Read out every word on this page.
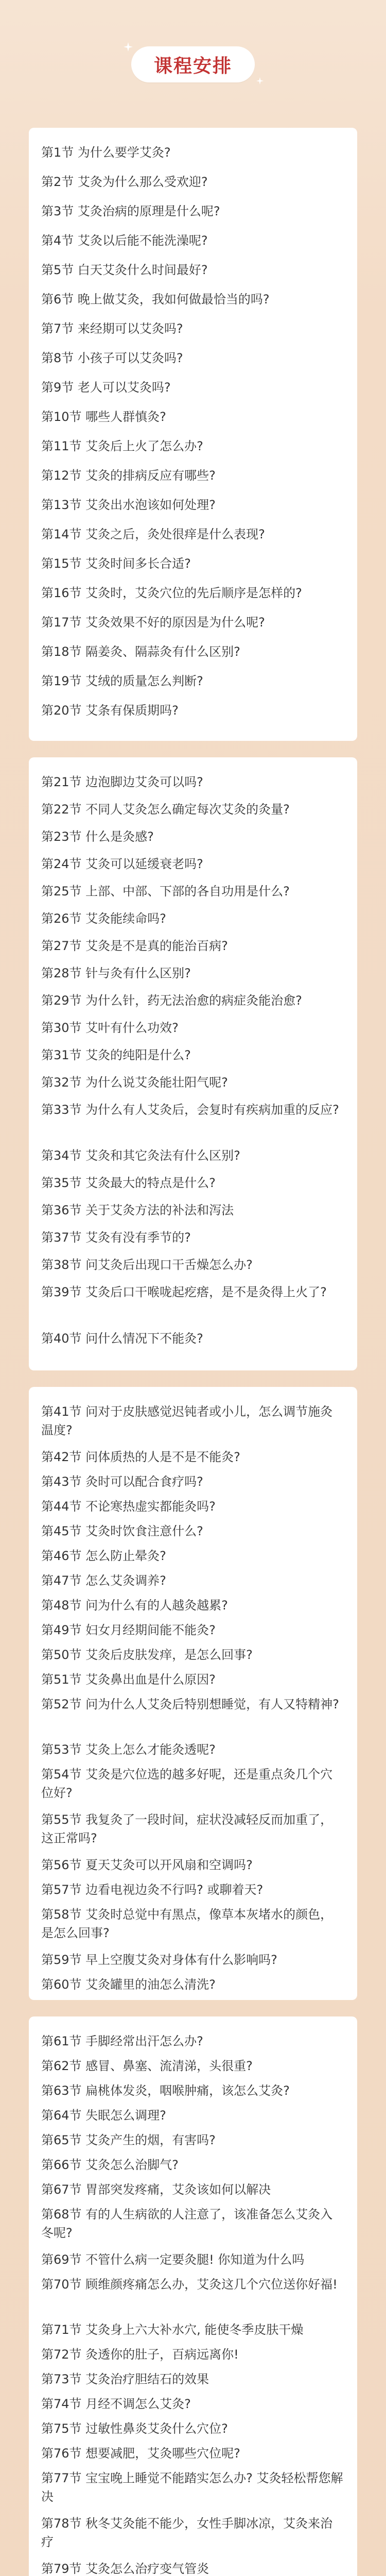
课程安排
第1节 为什么要学艾灸?
第2节 艾灸为什么那么受欢迎?
第3节 艾灸治病的原理是什么呢?
第4节 艾灸以后能不能洗澡呢?
第5节 白天艾灸什么时间最好?
第6节 晚上做艾灸，我如何做最恰当的吗?
第7节 来经期可以艾灸吗?
第8节 小孩子可以艾灸吗?
第9节 老人可以艾灸吗?
第10节 哪些人群慎灸?
第11节 艾灸后上火了怎么办?
第12节 艾灸的排病反应有哪些?
第13节 艾灸出水泡该如何处理?
第14节 艾灸之后，灸处很痒是什么表现?
第15节 艾灸时间多长合适?
第16节 艾灸时，艾灸穴位的先后顺序是怎样的?
第17节 艾灸效果不好的原因是为什么呢?
第18节 隔姜灸、隔蒜灸有什么区别?
第19节 艾绒的质量怎么判断?
第20节 艾条有保质期吗?
第21节 边泡脚边艾灸可以吗?
第22节 不同人艾灸怎么确定每次艾灸的灸量?
第23节 什么是灸感?
第24节 艾灸可以延缓衰老吗?
第25节 上部、中部、下部的各自功用是什么?
第26节 艾灸能续命吗?
第27节 艾灸是不是真的能治百病?
第28节 针与灸有什么区别?
第29节 为什么针，药无法治愈的病症灸能治愈?
第30节 艾叶有什么功效?
第31节 艾灸的纯阳是什么?
第32节 为什么说艾灸能壮阳气呢?
第33节 为什么有人艾灸后，会复时有疾病加重的反应?
第34节 艾灸和其它灸法有什么区别?
第35节 艾灸最大的特点是什么?
第36节 关于艾灸方法的补法和泻法
第37节 艾灸有没有季节的?
第38节 问艾灸后出现口干舌燥怎么办?
第39节 艾灸后口干喉咙起疙瘩，是不是灸得上火了?
第40节 问什么情况下不能灸?
第41节 问对于皮肤感觉迟钝者或小儿，怎么调节施灸温度?
第42节 问体质热的人是不是不能灸?
第43节 灸时可以配合食疗吗?
第44节 不论寒热虚实都能灸吗?
第45节 艾灸时饮食注意什么?
第46节 怎么防止晕灸?
第47节 怎么艾灸调养?
第48节 问为什么有的人越灸越累?
第49节 妇女月经期间能不能灸?
第50节 艾灸后皮肤发痒，是怎么回事?
第51节 艾灸鼻出血是什么原因?
第52节 问为什么人艾灸后特别想睡觉，有人又特精神?
第53节 艾灸上怎么才能灸透呢?
第54节 艾灸是穴位选的越多好呢，还是重点灸几个穴位好?
第55节 我复灸了一段时间，症状没减轻反而加重了，这正常吗?
第56节 夏天艾灸可以开风扇和空调吗?
第57节 边看电视边灸不行吗? 或聊着天?
第58节 艾灸时总觉中有黑点，像草本灰堵水的颜色，是怎么回事?
第59节 早上空腹艾灸对身体有什么影响吗?
第60节 艾灸罐里的油怎么清洗?
第61节 手脚经常出汗怎么办?
第62节 感冒、鼻塞、流清涕，头很重?
第63节 扁桃体发炎，咽喉肿痛，该怎么艾灸?
第64节 失眠怎么调理?
第65节 艾灸产生的烟，有害吗?
第66节 艾灸怎么治脚气?
第67节 胃部突发疼痛，艾灸该如何以解决
第68节 有的人生病欲的人注意了，该准备怎么艾灸入冬呢?
第69节 不管什么病一定要灸腿! 你知道为什么吗
第70节 顾维颜疼痛怎么办，艾灸这几个穴位送你好福!
第71节 艾灸身上六大补水穴, 能使冬季皮肤干燥
第72节 灸透你的肚子，百病远离你!
第73节 艾灸治疗胆结石的效果
第74节 月经不调怎么艾灸?
第75节 过敏性鼻炎艾灸什么穴位?
第76节 想要减肥，艾灸哪些穴位呢?
第77节 宝宝晚上睡觉不能踏实怎么办? 艾灸轻松帮您解决
第78节 秋冬艾灸能不能少，女性手脚冰凉，艾灸来治疗
第79节 艾灸怎么治疗变气管炎
